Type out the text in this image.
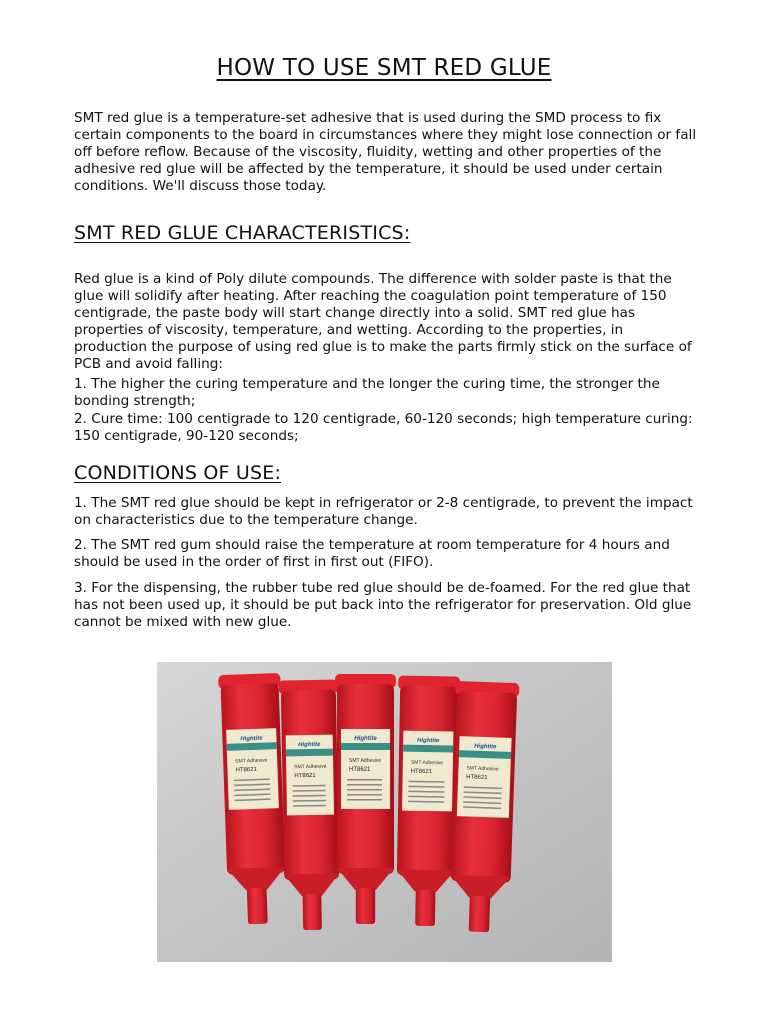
HOW TO USE SMT RED GLUE

SMT red glue is a temperature-set adhesive that is used during the SMD process to fix certain components to the board in circumstances where they might lose connection or fall off before reflow. Because of the viscosity, fluidity, wetting and other properties of the adhesive red glue will be affected by the temperature, it should be used under certain conditions. We'll discuss those today.

SMT RED GLUE CHARACTERISTICS:

Red glue is a kind of Poly dilute compounds. The difference with solder paste is that the glue will solidify after heating. After reaching the coagulation point temperature of 150 centigrade, the paste body will start change directly into a solid. SMT red glue has properties of viscosity, temperature, and wetting. According to the properties, in production the purpose of using red glue is to make the parts firmly stick on the surface of PCB and avoid falling:

1. The higher the curing temperature and the longer the curing time, the stronger the bonding strength;

2. Cure time: 100 centigrade to 120 centigrade, 60-120 seconds; high temperature curing: 150 centigrade, 90-120 seconds;

CONDITIONS OF USE:

1. The SMT red glue should be kept in refrigerator or 2-8 centigrade, to prevent the impact on characteristics due to the temperature change.

2. The SMT red gum should raise the temperature at room temperature for 4 hours and should be used in the order of first in first out (FIFO).

3. For the dispensing, the rubber tube red glue should be de-foamed. For the red glue that has not been used up, it should be put back into the refrigerator for preservation. Old glue cannot be mixed with new glue.

Hightite
SMT Adhesive
HT8621
Hightite
SMT Adhesive
HT8621
Hightite
SMT Adhesive
HT8621
Hightite
SMT Adhesive
HT8621
Hightite
SMT Adhesive
HT8621
